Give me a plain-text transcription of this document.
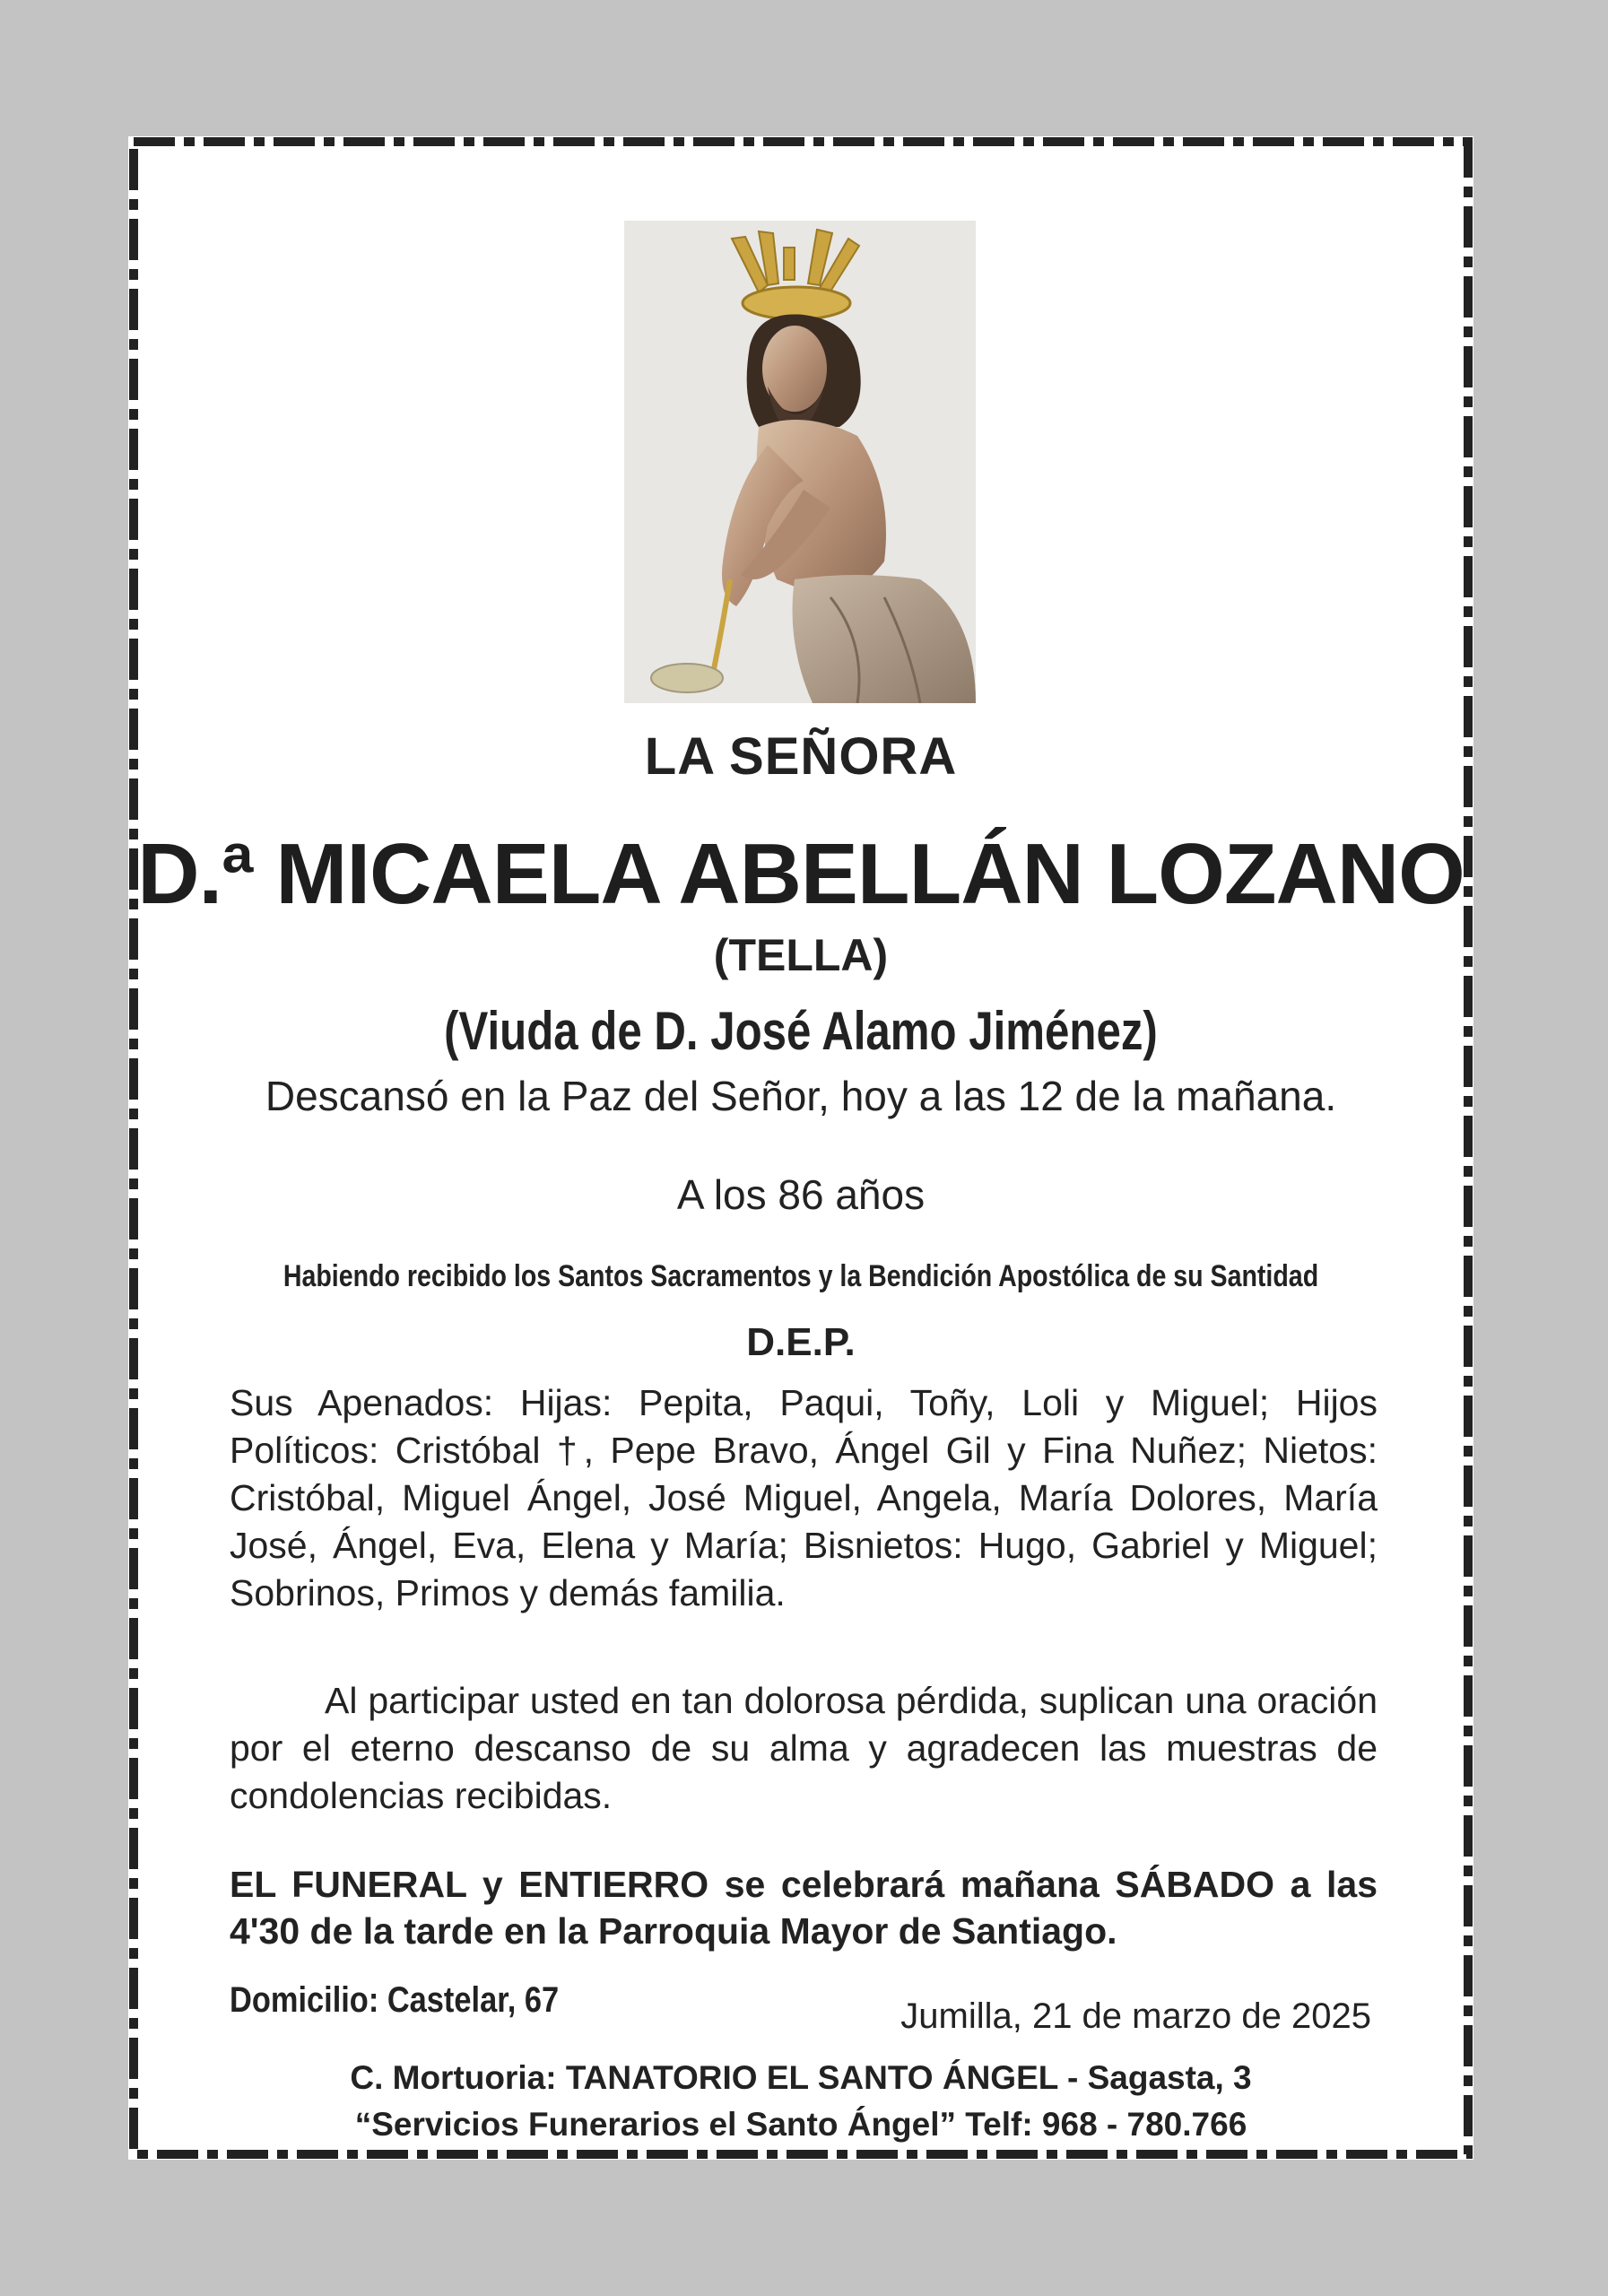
LA SEÑORA
D.ª MICAELA ABELLÁN LOZANO
(TELLA)
(Viuda de D. José Alamo Jiménez)
Descansó en la Paz del Señor, hoy a las 12 de la mañana.
A los 86 años
Habiendo recibido los Santos Sacramentos y la Bendición Apostólica de su Santidad
D.E.P.
Sus Apenados: Hijas: Pepita, Paqui, Toñy, Loli y Miguel; Hijos Políticos: Cristóbal †, Pepe Bravo, Ángel Gil y Fina Nuñez; Nietos: Cristóbal, Miguel Ángel, José Miguel, Angela, María Dolores, María José, Ángel, Eva, Elena y María; Bisnietos: Hugo, Gabriel y Miguel; Sobrinos, Primos y demás familia.
Al participar usted en tan dolorosa pérdida, suplican una oración por el eterno descanso de su alma y agradecen las muestras de condolencias recibidas.
EL FUNERAL y ENTIERRO se celebrará mañana SÁBADO a las 4'30 de la tarde en la Parroquia Mayor de Santiago.
Domicilio: Castelar, 67	Jumilla, 21 de marzo de 2025
C. Mortuoria: TANATORIO EL SANTO ÁNGEL - Sagasta, 3
“Servicios Funerarios el Santo Ángel” Telf: 968 - 780.766
